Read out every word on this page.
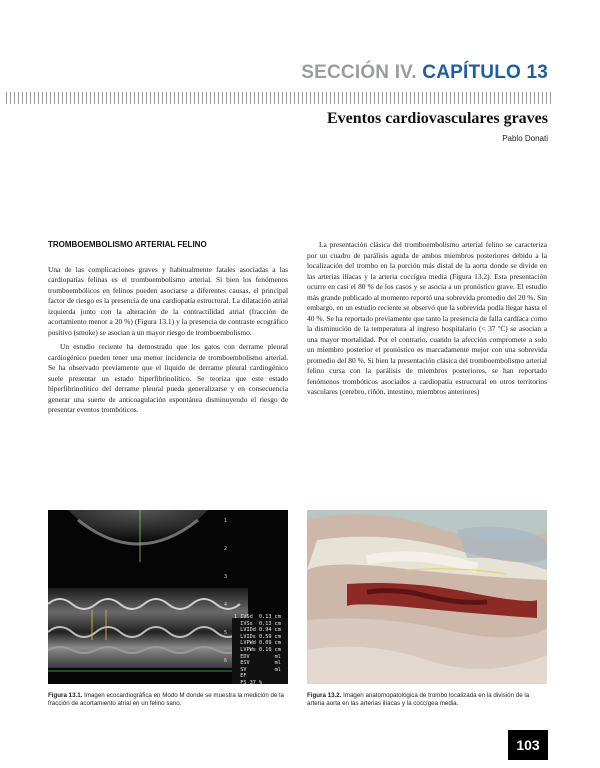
SECCIÓN IV. CAPÍTULO 13
Eventos cardiovasculares graves
Pablo Donati
TROMBOEMBOLISMO ARTERIAL FELINO

Una de las complicaciones graves y habitualmente fatales asociadas a las cardiopatías felinas es el tromboembolismo arterial. Si bien los fenómenos tromboembólicos en felinos pueden asociarse a diferentes causas, el principal factor de riesgo es la presencia de una cardiopatía estructural. La dilatación atrial izquierda junto con la alteración de la contractilidad atrial (fracción de acortamiento menor a 20 %) (Figura 13.1) y la presencia de contraste ecográfico positivo (smoke) se asocian a un mayor riesgo de tromboembolismo.

Un estudio reciente ha demostrado que los gatos con derrame pleural cardiogénico pueden tener una menor incidencia de tromboembolismo arterial. Se ha observado previamente que el líquido de derrame pleural cardiogénico suele presentar un estado hiperfibrinolítico. Se teoriza que este estado hiperfibrinolítico del derrame pleural pueda generalizarse y en consecuencia generar una suerte de anticoagulación espontánea disminuyendo el riesgo de presentar eventos trombóticos.

La presentación clásica del tromboembolismo arterial felino se caracteriza por un cuadro de parálisis aguda de ambos miembros posteriores debido a la localización del trombo en la porción más distal de la aorta donde se divide en las arterias ilíacas y la arteria coccígea media (Figura 13.2). Esta presentación ocurre en casi el 80 % de los casos y se asocia a un pronóstico grave. El estudio más grande publicado al momento reportó una sobrevida promedio del 20 %. Sin embargo, en un estudio reciente se observó que la sobrevida podía llegar hasta el 40 %. Se ha reportado previamente que tanto la presencia de falla cardíaca como la disminución de la temperatura al ingreso hospitalario (< 37 ºC) se asocian a una mayor mortalidad. Por el contrario, cuando la afección compromete a solo un miembro posterior el pronóstico es marcadamente mejor con una sobrevida promedio del 80 %. Si bien la presentación clásica del tromboembolismo arterial felino cursa con la parálisis de miembros posteriores, se han reportado fenómenos trombóticos asociados a cardiopatía estructural en otros territorios vasculares (cerebro, riñón, intestino, miembros anteriores)

1

2

3

4

5

6
1 IVSd  0.13 cm
IVSs  0.13 cm
LVIDd 0.94 cm
LVIDs 0.59 cm
LVPWd 0.09 cm
LVPWs 0.10 cm
EDV        ml
ESV        ml
SV         ml
EF
FS 37 %
Figura 13.1. Imagen ecocardiográfica en Modo M donde se muestra la medición de la fracción de acortamiento atrial en un felino sano.
Figura 13.2. Imagen anatomopatológica de trombo localizada en la división de la arteria aorta en las arterias ilíacas y la coccígea media.
103
